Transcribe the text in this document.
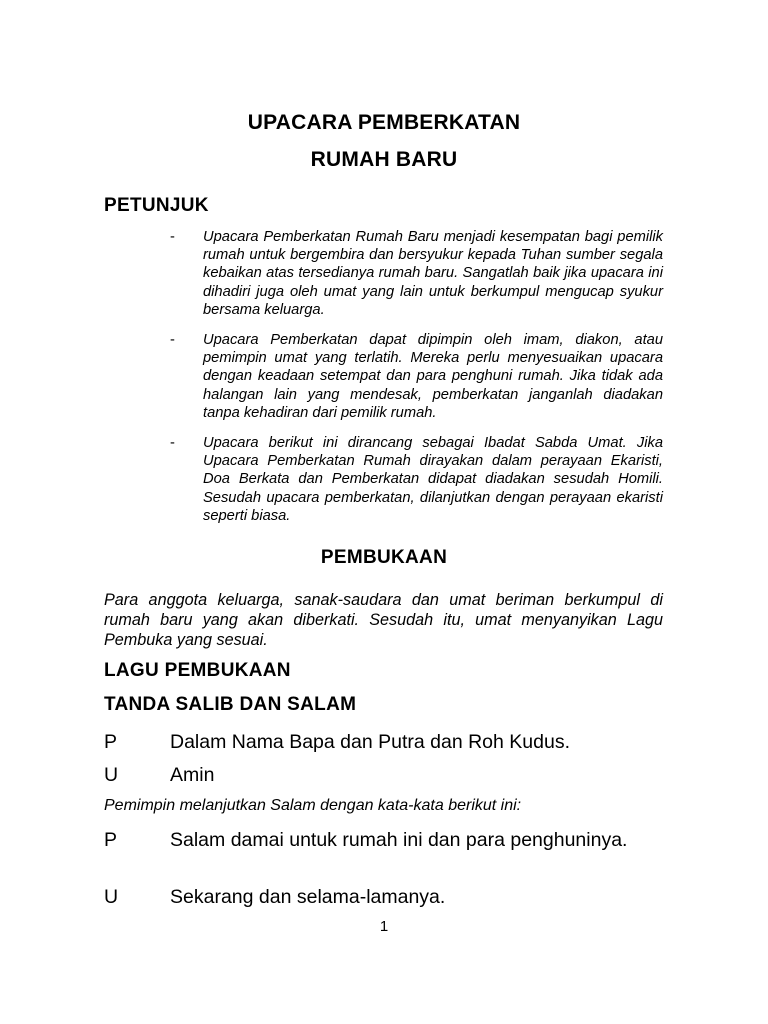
UPACARA PEMBERKATAN
RUMAH BARU
PETUNJUK
- Upacara Pemberkatan Rumah Baru menjadi kesempatan bagi pemilik rumah untuk bergembira dan bersyukur kepada Tuhan sumber segala kebaikan atas tersedianya rumah baru. Sangatlah baik jika upacara ini dihadiri juga oleh umat yang lain untuk berkumpul mengucap syukur bersama keluarga.
- Upacara Pemberkatan dapat dipimpin oleh imam, diakon, atau pemimpin umat yang terlatih. Mereka perlu menyesuaikan upacara dengan keadaan setempat dan para penghuni rumah. Jika tidak ada halangan lain yang mendesak, pemberkatan janganlah diadakan tanpa kehadiran dari pemilik rumah.
- Upacara berikut ini dirancang sebagai Ibadat Sabda Umat. Jika Upacara Pemberkatan Rumah dirayakan dalam perayaan Ekaristi, Doa Berkata dan Pemberkatan didapat diadakan sesudah Homili. Sesudah upacara pemberkatan, dilanjutkan dengan perayaan ekaristi seperti biasa.
PEMBUKAAN

Para anggota keluarga, sanak-saudara dan umat beriman berkumpul di rumah baru yang akan diberkati. Sesudah itu, umat menyanyikan Lagu Pembuka yang sesuai.

LAGU PEMBUKAAN
TANDA SALIB DAN SALAM
P	Dalam Nama Bapa dan Putra dan Roh Kudus.
U	Amin
Pemimpin melanjutkan Salam dengan kata-kata berikut ini:
P	Salam damai untuk rumah ini dan para penghuninya.
U	Sekarang dan selama-lamanya.
1
